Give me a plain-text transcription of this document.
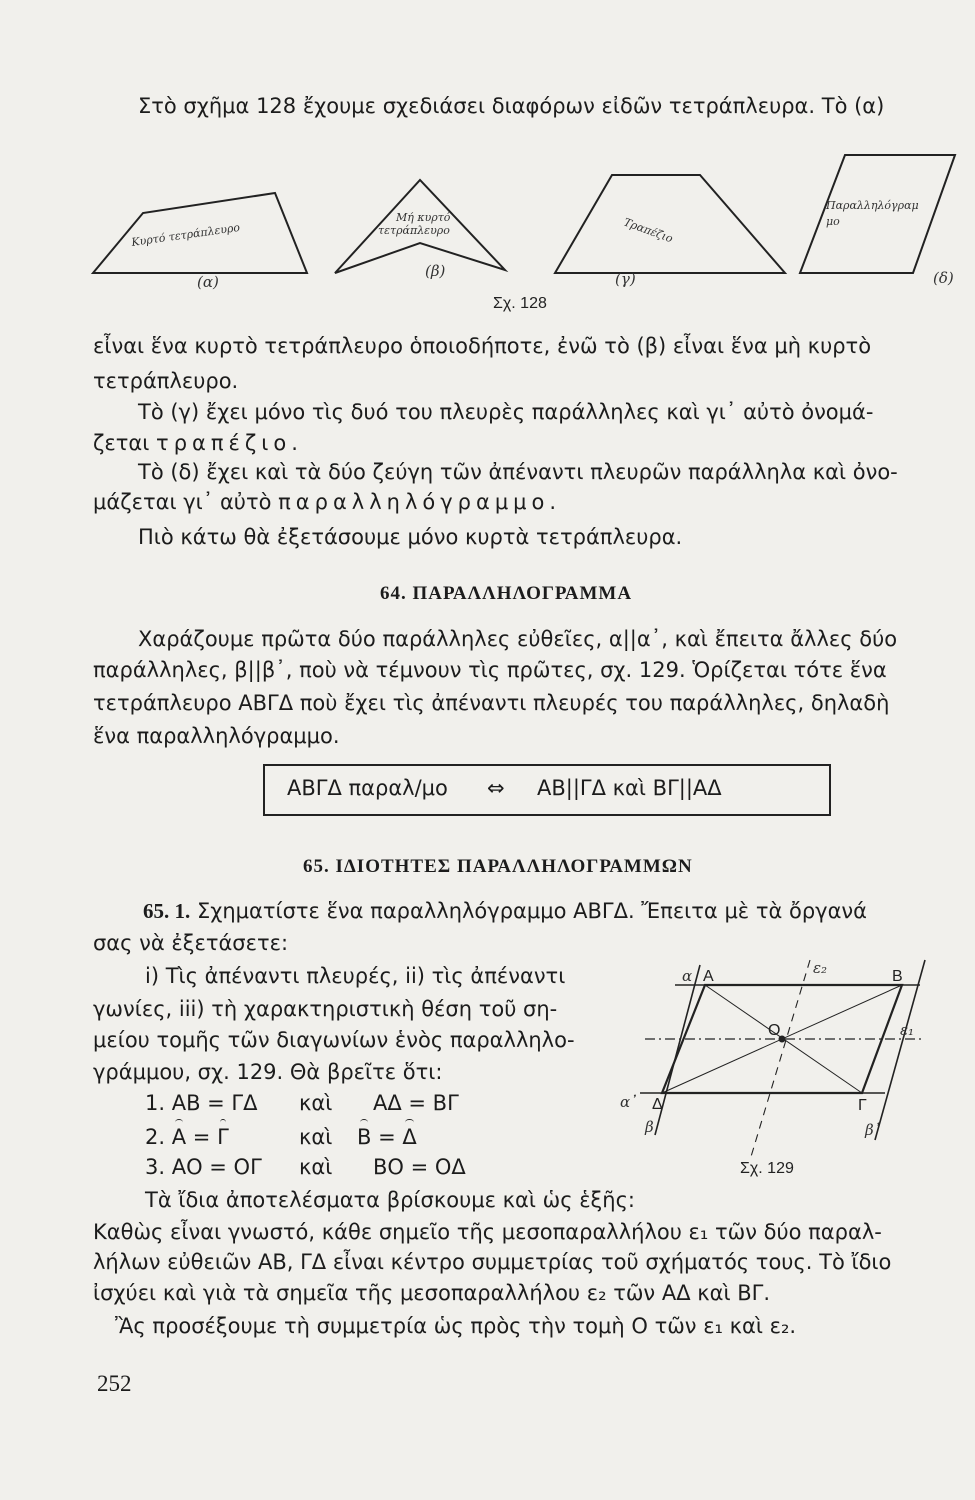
Στὸ σχῆμα 128 ἔχουμε σχεδιάσει διαφόρων εἰδῶν τετράπλευρα. Τὸ (α)
Κυρτό τετράπλευρο
(α)
Μή κυρτό
τετράπλευρο
(β)
Τραπέζιο
(γ)
Παραλληλόγραμ
μο
(δ)
Σχ. 128
εἶναι ἕνα κυρτὸ τετράπλευρο ὁποιοδήποτε, ἐνῶ τὸ (β) εἶναι ἕνα μὴ κυρτὸ
τετράπλευρο.
Τὸ (γ) ἔχει μόνο τὶς δυό του πλευρὲς παράλληλες καὶ γι᾿ αὐτὸ ὀνομά-
ζεται τραπέζιο.
Τὸ (δ) ἔχει καὶ τὰ δύο ζεύγη τῶν ἀπέναντι πλευρῶν παράλληλα καὶ ὀνο-
μάζεται γι᾿ αὐτὸ παραλληλόγραμμο.
Πιὸ κάτω θὰ ἐξετάσουμε μόνο κυρτὰ τετράπλευρα.
64. ΠΑΡΑΛΛΗΛΟΓΡΑΜΜΑ
Χαράζουμε πρῶτα δύο παράλληλες εὐθεῖες, α||α᾿, καὶ ἔπειτα ἄλλες δύο
παράλληλες, β||β᾿, ποὺ νὰ τέμνουν τὶς πρῶτες, σχ. 129. Ὁρίζεται τότε ἕνα
τετράπλευρο ΑΒΓΔ ποὺ ἔχει τὶς ἀπέναντι πλευρές του παράλληλες, δηλαδὴ
ἕνα παραλληλόγραμμο.
ΑΒΓΔ παραλ/μο ⇔ ΑΒ||ΓΔ καὶ ΒΓ||ΑΔ
65. ΙΔΙΟΤΗΤΕΣ ΠΑΡΑΛΛΗΛΟΓΡΑΜΜΩΝ
65. 1. Σχηματίστε ἕνα παραλληλόγραμμο ΑΒΓΔ. Ἔπειτα μὲ τὰ ὄργανά
σας νὰ ἐξετάσετε:
i) Τὶς ἀπέναντι πλευρές, ii) τὶς ἀπέναντι
γωνίες, iii) τὴ χαρακτηριστικὴ θέση τοῦ ση-
μείου τομῆς τῶν διαγωνίων ἑνὸς παραλληλο-
γράμμου, σχ. 129. Θὰ βρεῖτε ὅτι:
1. ΑΒ = ΓΔ καὶ ΑΔ = ΒΓ
2. Α = Γ	καὶ Β = Δ
3. ΑΟ = ΟΓ καὶ ΒΟ = ΟΔ
Α	Β
Γ
Δ
Ο
α
α᾿
β	β᾿
ε₁
ε₂
Σχ. 129
Τὰ ἴδια ἀποτελέσματα βρίσκουμε καὶ ὡς ἑξῆς:
Καθὼς εἶναι γνωστό, κάθε σημεῖο τῆς μεσοπαραλλήλου ε₁ τῶν δύο παραλ-
λήλων εὐθειῶν ΑΒ, ΓΔ εἶναι κέντρο συμμετρίας τοῦ σχήματός τους. Τὸ ἴδιο
ἰσχύει καὶ γιὰ τὰ σημεῖα τῆς μεσοπαραλλήλου ε₂ τῶν ΑΔ καὶ ΒΓ.
Ἂς προσέξουμε τὴ συμμετρία ὡς πρὸς τὴν τομὴ Ο τῶν ε₁ καὶ ε₂.
252
